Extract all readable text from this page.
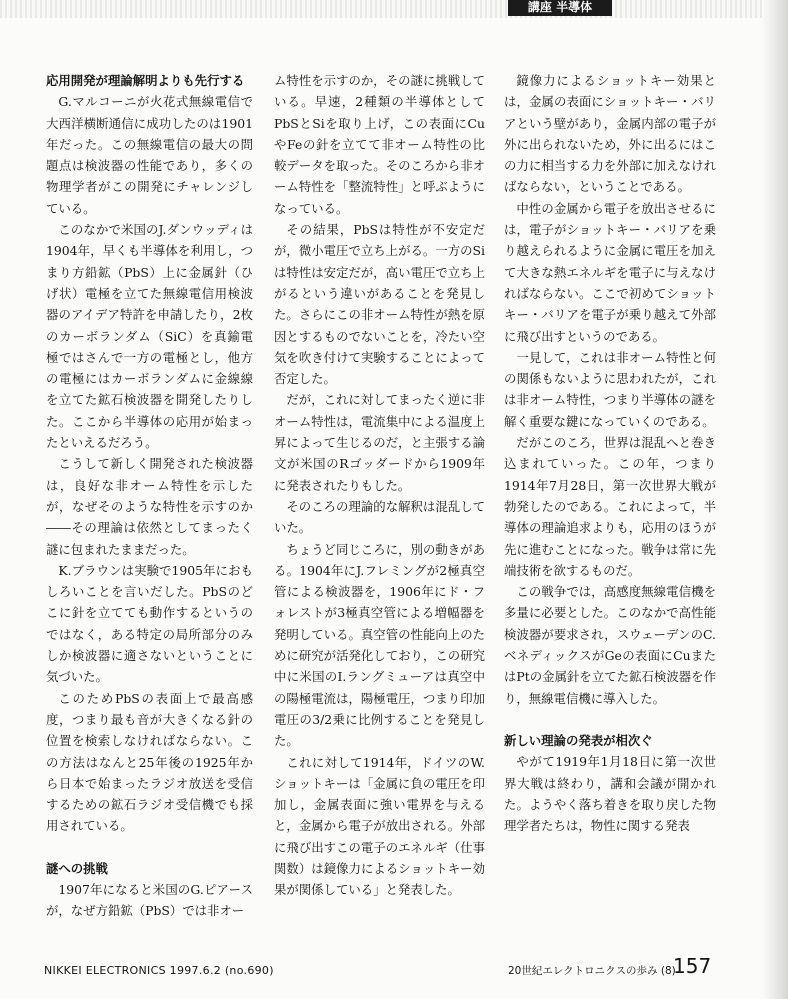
講座 半導体
応用開発が理論解明よりも先行する

G.マルコーニが火花式無線電信で大西洋横断通信に成功したのは1901年だった。この無線電信の最大の問題点は検波器の性能であり，多くの物理学者がこの開発にチャレンジしている。

このなかで米国のJ.ダンウッディは1904年，早くも半導体を利用し，つまり方鉛鉱（PbS）上に金属針（ひげ状）電極を立てた無線電信用検波器のアイデア特許を申請したり，2枚のカーボランダム（SiC）を真鍮電極ではさんで一方の電極とし，他方の電極にはカーボランダムに金線線を立てた鉱石検波器を開発したりした。ここから半導体の応用が始まったといえるだろう。

こうして新しく開発された検波器は，良好な非オーム特性を示したが，なぜそのような特性を示すのか――その理論は依然としてまったく謎に包まれたままだった。

K.ブラウンは実験で1905年におもしろいことを言いだした。PbSのどこに針を立てても動作するというのではなく，ある特定の局所部分のみしか検波器に適さないということに気づいた。

このためPbSの表面上で最高感度，つまり最も音が大きくなる針の位置を検索しなければならない。この方法はなんと25年後の1925年から日本で始まったラジオ放送を受信するための鉱石ラジオ受信機でも採用されている。

謎への挑戦

1907年になると米国のG.ピアースが，なぜ方鉛鉱（PbS）では非オー

ム特性を示すのか，その謎に挑戦している。早速，2種類の半導体としてPbSとSiを取り上げ，この表面にCuやFeの針を立てて非オーム特性の比較データを取った。そのころから非オーム特性を「整流特性」と呼ぶようになっている。

その結果，PbSは特性が不安定だが，微小電圧で立ち上がる。一方のSiは特性は安定だが，高い電圧で立ち上がるという違いがあることを発見した。さらにこの非オーム特性が熱を原因とするものでないことを，冷たい空気を吹き付けて実験することによって否定した。

だが，これに対してまったく逆に非オーム特性は，電流集中による温度上昇によって生じるのだ，と主張する論文が米国のRゴッダードから1909年に発表されたりもした。

そのころの理論的な解釈は混乱していた。

ちょうど同じころに，別の動きがある。1904年にJ.フレミングが2極真空管による検波器を，1906年にド・フォレストが3極真空管による増幅器を発明している。真空管の性能向上のために研究が活発化しており，この研究中に米国のI.ラングミューアは真空中の陽極電流は，陽極電圧，つまり印加電圧の3/2乗に比例することを発見した。

これに対して1914年，ドイツのW.ショットキーは「金属に負の電圧を印加し，金属表面に強い電界を与えると，金属から電子が放出される。外部に飛び出すこの電子のエネルギ（仕事関数）は鏡像力によるショットキー効果が関係している」と発表した。

鏡像力によるショットキー効果とは，金属の表面にショットキー・バリアという壁があり，金属内部の電子が外に出られないため，外に出るにはこの力に相当する力を外部に加えなければならない，ということである。

中性の金属から電子を放出させるには，電子がショットキー・バリアを乗り越えられるように金属に電圧を加えて大きな熱エネルギを電子に与えなければならない。ここで初めてショットキー・バリアを電子が乗り越えて外部に飛び出すというのである。

一見して，これは非オーム特性と何の関係もないように思われたが，これは非オーム特性，つまり半導体の謎を解く重要な鍵になっていくのである。

だがこのころ，世界は混乱へと巻き込まれていった。この年，つまり1914年7月28日，第一次世界大戦が勃発したのである。これによって，半導体の理論追求よりも，応用のほうが先に進むことになった。戦争は常に先端技術を欲するものだ。

この戦争では，高感度無線電信機を多量に必要とした。このなかで高性能検波器が要求され，スウェーデンのC.ベネディックスがGeの表面にCuまたはPtの金属針を立てた鉱石検波器を作り，無線電信機に導入した。

新しい理論の発表が相次ぐ

やがて1919年1月18日に第一次世界大戦は終わり，講和会議が開かれた。ようやく落ち着きを取り戻した物理学者たちは，物性に関する発表

NIKKEI ELECTRONICS 1997.6.2 (no.690)	20世紀エレクトロニクスの歩み (8)
157
